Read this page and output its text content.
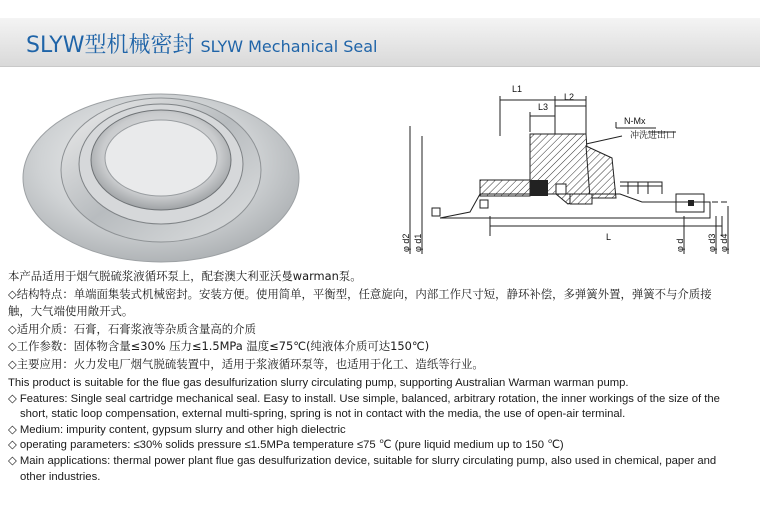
SLYW型机械密封 SLYW Mechanical Seal
L1
L3
L2
L
N-Mx
冲洗进出口
φ d2 φ d1	φ d φ d3 φ d4

本产品适用于烟气脱硫浆液循环泵上，配套澳大利亚沃曼warman泵。

◇结构特点：单端面集装式机械密封。安装方便。使用简单，平衡型，任意旋向，内部工作尺寸短，静环补偿，多弹簧外置，弹簧不与介质接

触，大气端使用敞开式。

◇适用介质：石膏，石膏浆液等杂质含量高的介质

◇工作参数：固体物含量≤30% 压力≤1.5MPa 温度≤75℃(纯液体介质可达150℃)

◇主要应用：火力发电厂烟气脱硫装置中，适用于浆液循环泵等，也适用于化工、造纸等行业。

This product is suitable for the flue gas desulfurization slurry circulating pump, supporting Australian Warman warman pump.

◇ Features: Single seal cartridge mechanical seal. Easy to install. Use simple, balanced, arbitrary rotation, the inner workings of the size of the

short, static loop compensation, external multi-spring, spring is not in contact with the media, the use of open-air terminal.

◇ Medium: impurity content, gypsum slurry and other high dielectric

◇ operating parameters: ≤30% solids pressure ≤1.5MPa temperature ≤75 ℃ (pure liquid medium up to 150 ℃)

◇ Main applications: thermal power plant flue gas desulfurization device, suitable for slurry circulating pump, also used in chemical, paper and

other industries.
